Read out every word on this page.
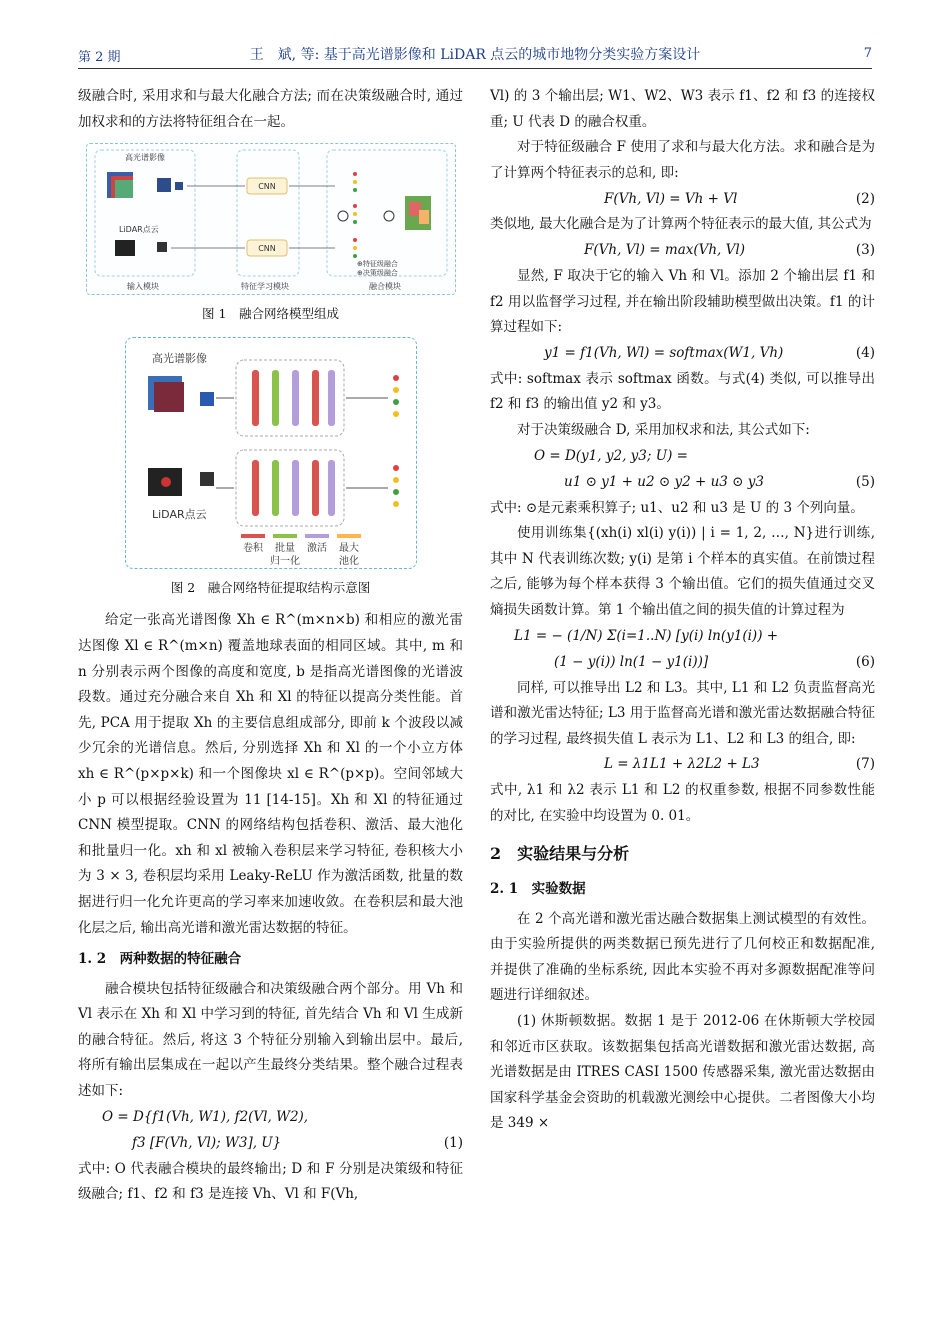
第 2 期	王　斌, 等: 基于高光谱影像和 LiDAR 点云的城市地物分类实验方案设计	7

级融合时, 采用求和与最大化融合方法; 而在决策级融合时, 通过加权求和的方法将特征组合在一起。

高光谱影像
LiDAR点云
CNN
CNN
⊕特征级融合
⊕决策级融合
输入模块	特征学习模块	融合模块
图 1　融合网络模型组成
高光谱影像
LiDAR点云
卷积 批量
归一化
激活 最大
池化
图 2　融合网络特征提取结构示意图

给定一张高光谱图像 Xh ∈ R^(m×n×b) 和相应的激光雷达图像 Xl ∈ R^(m×n) 覆盖地球表面的相同区域。其中, m 和 n 分别表示两个图像的高度和宽度, b 是指高光谱图像的光谱波段数。通过充分融合来自 Xh 和 Xl 的特征以提高分类性能。首先, PCA 用于提取 Xh 的主要信息组成部分, 即前 k 个波段以减少冗余的光谱信息。然后, 分别选择 Xh 和 Xl 的一个小立方体 xh ∈ R^(p×p×k) 和一个图像块 xl ∈ R^(p×p)。空间邻域大小 p 可以根据经验设置为 11 [14-15]。Xh 和 Xl 的特征通过 CNN 模型提取。CNN 的网络结构包括卷积、激活、最大池化和批量归一化。xh 和 xl 被输入卷积层来学习特征, 卷积核大小为 3 × 3, 卷积层均采用 Leaky-ReLU 作为激活函数, 批量的数据进行归一化允许更高的学习率来加速收敛。在卷积层和最大池化层之后, 输出高光谱和激光雷达数据的特征。

1. 2　两种数据的特征融合

融合模块包括特征级融合和决策级融合两个部分。用 Vh 和 Vl 表示在 Xh 和 Xl 中学习到的特征, 首先结合 Vh 和 Vl 生成新的融合特征。然后, 将这 3 个特征分别输入到输出层中。最后, 将所有输出层集成在一起以产生最终分类结果。整个融合过程表述如下:

O = D{f1(Vh, W1), f2(Vl, W2),
f3 [F(Vh, Vl); W3], U}	(1)

式中: O 代表融合模块的最终输出; D 和 F 分别是决策级和特征级融合; f1、f2 和 f3 是连接 Vh、Vl 和 F(Vh,

Vl) 的 3 个输出层; W1、W2、W3 表示 f1、f2 和 f3 的连接权重; U 代表 D 的融合权重。

对于特征级融合 F 使用了求和与最大化方法。求和融合是为了计算两个特征表示的总和, 即:

F(Vh, Vl) = Vh + Vl	(2)

类似地, 最大化融合是为了计算两个特征表示的最大值, 其公式为

F(Vh, Vl) = max(Vh, Vl)	(3)

显然, F 取决于它的输入 Vh 和 Vl。添加 2 个输出层 f1 和 f2 用以监督学习过程, 并在输出阶段辅助模型做出决策。f1 的计算过程如下:

y1 = f1(Vh, Wl) = softmax(W1, Vh)	(4)

式中: softmax 表示 softmax 函数。与式(4) 类似, 可以推导出 f2 和 f3 的输出值 y2 和 y3。

对于决策级融合 D, 采用加权求和法, 其公式如下:

O = D(y1, y2, y3; U) =
u1 ⊙ y1 + u2 ⊙ y2 + u3 ⊙ y3	(5)

式中: ⊙是元素乘积算子; u1、u2 和 u3 是 U 的 3 个列向量。

使用训练集{(xh(i) xl(i) y(i)) | i = 1, 2, …, N}进行训练, 其中 N 代表训练次数; y(i) 是第 i 个样本的真实值。在前馈过程之后, 能够为每个样本获得 3 个输出值。它们的损失值通过交叉熵损失函数计算。第 1 个输出值之间的损失值的计算过程为

L1 = − (1/N) Σ(i=1..N) [y(i) ln(y1(i)) +
(1 − y(i)) ln(1 − y1(i))]	(6)

同样, 可以推导出 L2 和 L3。其中, L1 和 L2 负责监督高光谱和激光雷达特征; L3 用于监督高光谱和激光雷达数据融合特征的学习过程, 最终损失值 L 表示为 L1、L2 和 L3 的组合, 即:

L = λ1L1 + λ2L2 + L3	(7)

式中, λ1 和 λ2 表示 L1 和 L2 的权重参数, 根据不同参数性能的对比, 在实验中均设置为 0. 01。

2　实验结果与分析
2. 1　实验数据

在 2 个高光谱和激光雷达融合数据集上测试模型的有效性。由于实验所提供的两类数据已预先进行了几何校正和数据配准, 并提供了准确的坐标系统, 因此本实验不再对多源数据配准等问题进行详细叙述。

(1) 休斯顿数据。数据 1 是于 2012-06 在休斯顿大学校园和邻近市区获取。该数据集包括高光谱数据和激光雷达数据, 高光谱数据是由 ITRES CASI 1500 传感器采集, 激光雷达数据由国家科学基金会资助的机载激光测绘中心提供。二者图像大小均是 349 ×
